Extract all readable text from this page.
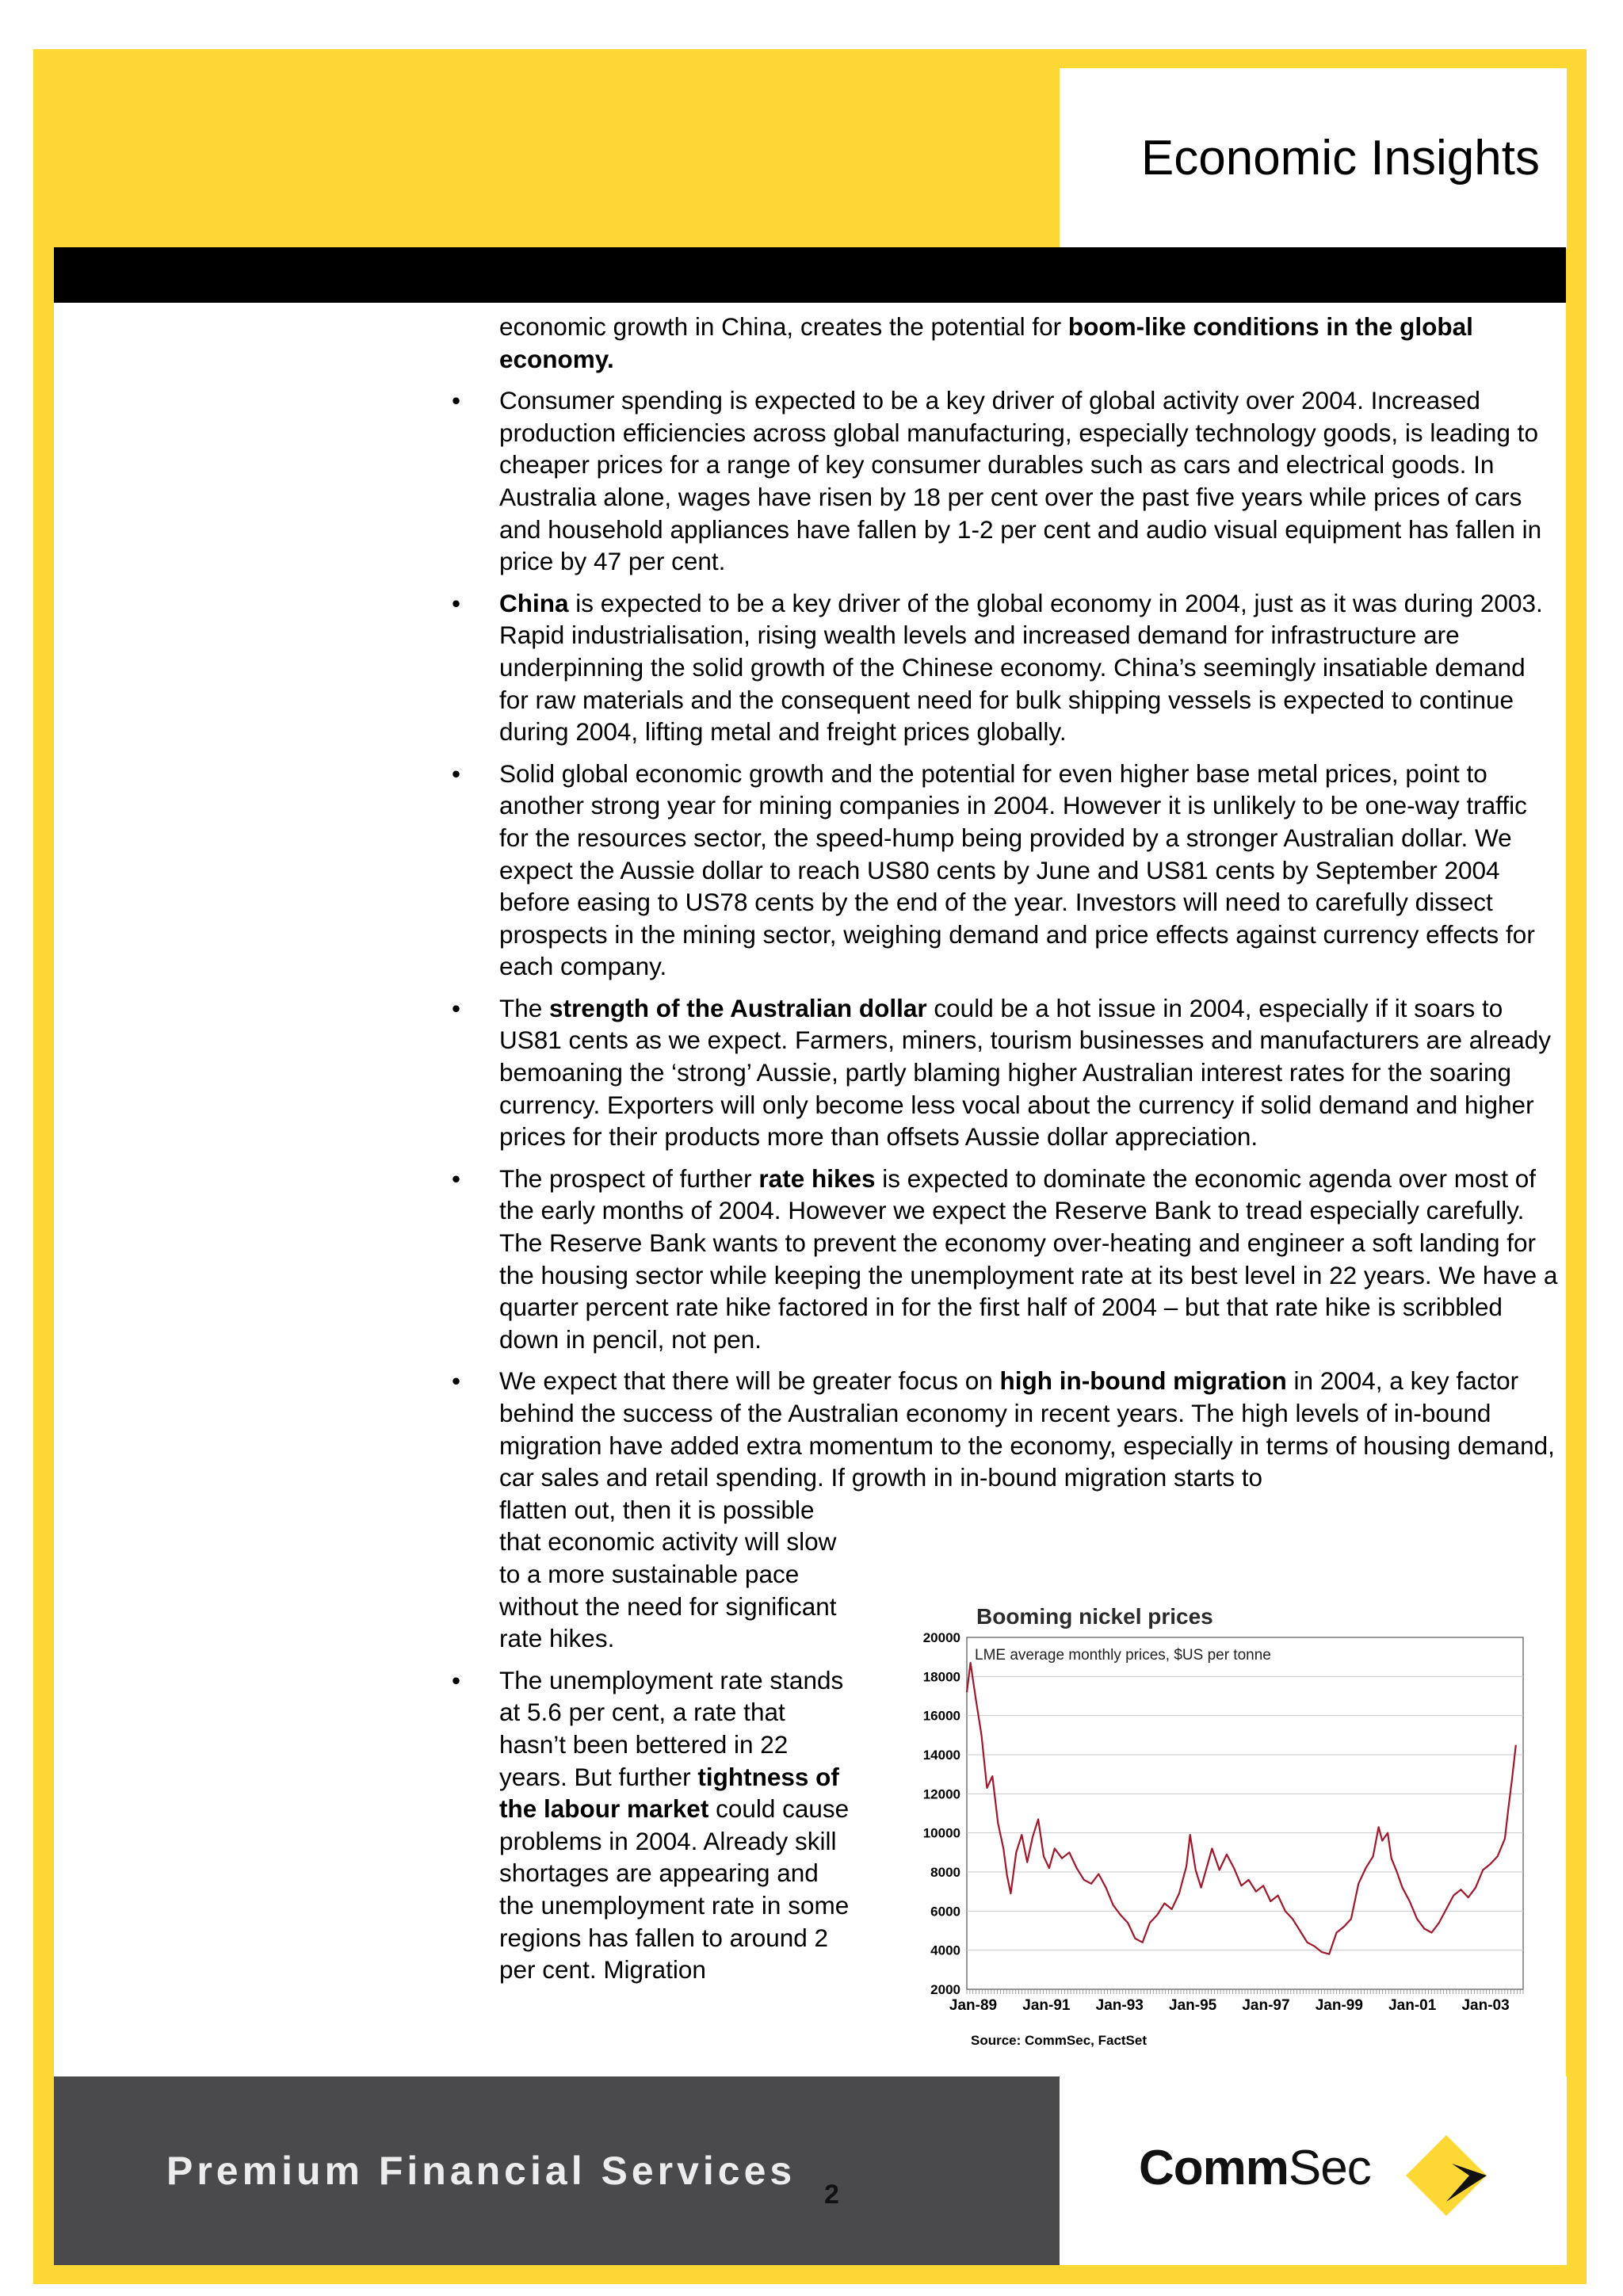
Economic Insights

economic growth in China, creates the potential for boom-like conditions in the global economy.

• Consumer spending is expected to be a key driver of global activity over 2004. Increased production efficiencies across global manufacturing, especially technology goods, is leading to cheaper prices for a range of key consumer durables such as cars and electrical goods. In Australia alone, wages have risen by 18 per cent over the past five years while prices of cars and household appliances have fallen by 1-2 per cent and audio visual equipment has fallen in price by 47 per cent.
• China is expected to be a key driver of the global economy in 2004, just as it was during 2003. Rapid industrialisation, rising wealth levels and increased demand for infrastructure are underpinning the solid growth of the Chinese economy. China’s seemingly insatiable demand for raw materials and the consequent need for bulk shipping vessels is expected to continue during 2004, lifting metal and freight prices globally.
• Solid global economic growth and the potential for even higher base metal prices, point to another strong year for mining companies in 2004. However it is unlikely to be one-way traffic for the resources sector, the speed-hump being provided by a stronger Australian dollar. We expect the Aussie dollar to reach US80 cents by June and US81 cents by September 2004 before easing to US78 cents by the end of the year. Investors will need to carefully dissect prospects in the mining sector, weighing demand and price effects against currency effects for each company.
• The strength of the Australian dollar could be a hot issue in 2004, especially if it soars to US81 cents as we expect. Farmers, miners, tourism businesses and manufacturers are already bemoaning the ‘strong’ Aussie, partly blaming higher Australian interest rates for the soaring currency. Exporters will only become less vocal about the currency if solid demand and higher prices for their products more than offsets Aussie dollar appreciation.
• The prospect of further rate hikes is expected to dominate the economic agenda over most of the early months of 2004. However we expect the Reserve Bank to tread especially carefully. The Reserve Bank wants to prevent the economy over-heating and engineer a soft landing for the housing sector while keeping the unemployment rate at its best level in 22 years. We have a quarter percent rate hike factored in for the first half of 2004 – but that rate hike is scribbled down in pencil, not pen.
• We expect that there will be greater focus on high in-bound migration in 2004, a key factor behind the success of the Australian economy in recent years. The high levels of in-bound migration have added extra momentum to the economy, especially in terms of housing demand, car sales and retail spending. If growth in in-bound migration starts to
flatten out, then it is possible that economic activity will slow to a more sustainable pace without the need for significant rate hikes.
• The unemployment rate stands at 5.6 per cent, a rate that hasn’t been bettered in 22 years. But further tightness of the labour market could cause problems in 2004. Already skill shortages are appearing and the unemployment rate in some regions has fallen to around 2 per cent. Migration
Booming nickel prices
2000
4000
6000
8000
10000
12000
14000
16000
18000
20000
Jan-89 Jan-91 Jan-93 Jan-95 Jan-97 Jan-99 Jan-01 Jan-03
LME average monthly prices, $US per tonne
Source: CommSec, FactSet
Premium Financial Services
2	CommSec
